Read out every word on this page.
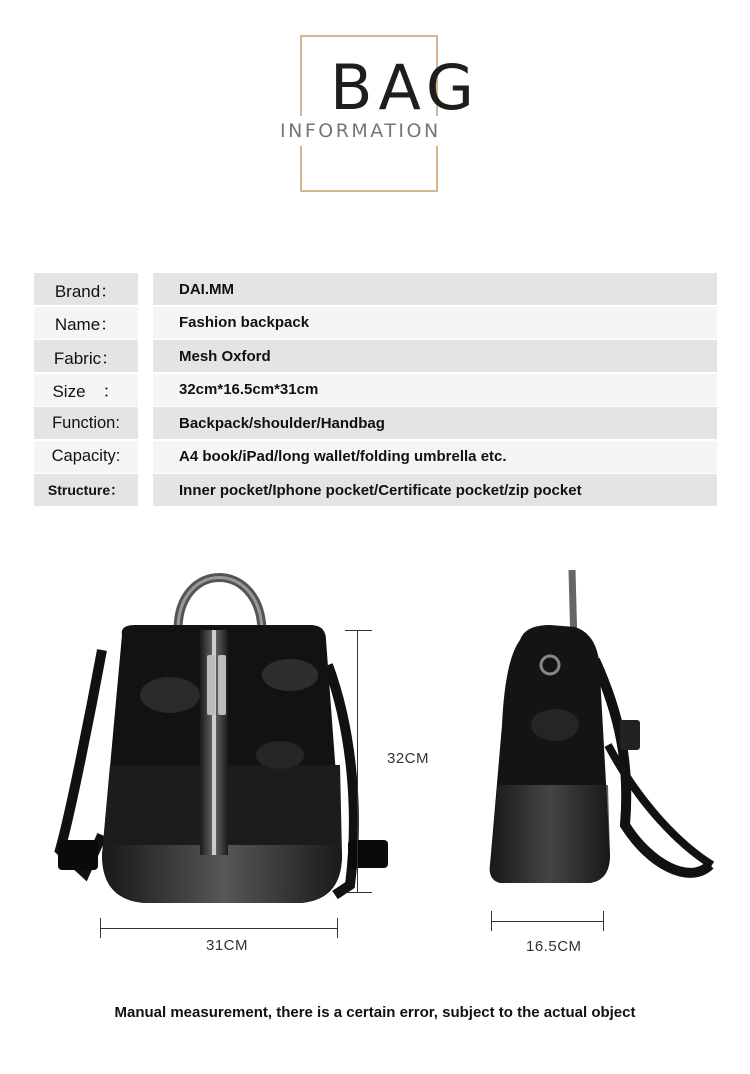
BAG
INFORMATION
Brand：	DAI.MM
Name：	Fashion backpack
Fabric：	Mesh Oxford
Size　：	32cm*16.5cm*31cm
Function:	Backpack/shoulder/Handbag
Capacity:	A4 book/iPad/long wallet/folding umbrella etc.
Structure：	Inner pocket/Iphone pocket/Certificate pocket/zip pocket
32CM
31CM	16.5CM
Manual measurement, there is a certain error, subject to the actual object
